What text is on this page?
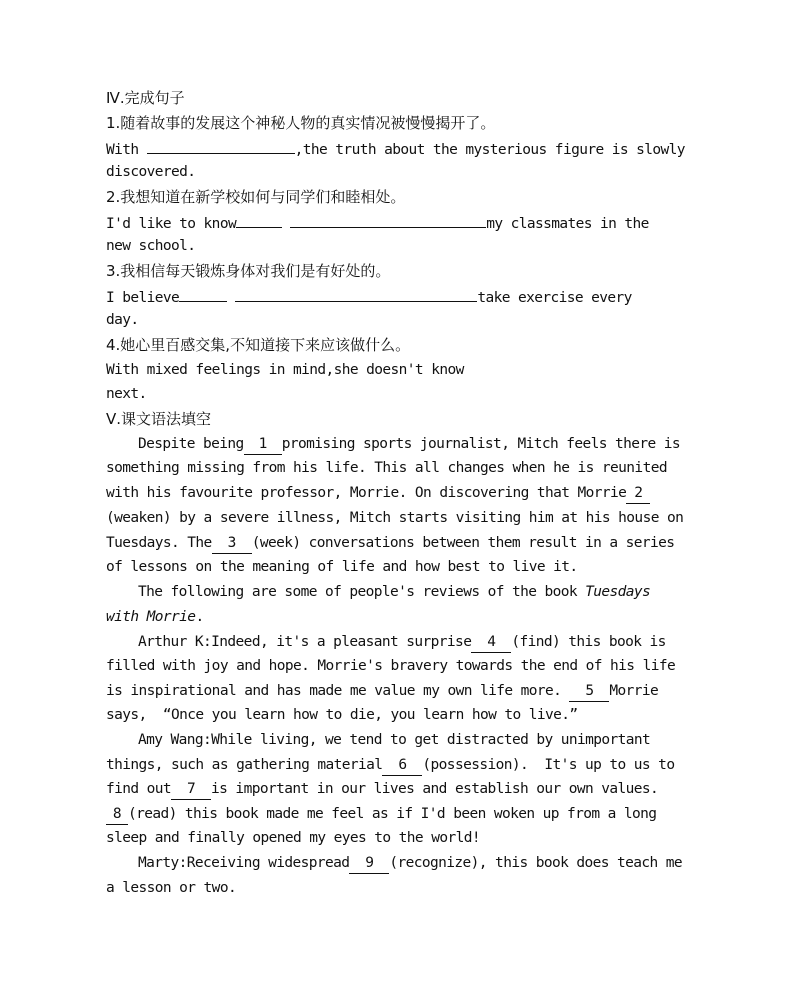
Ⅳ.完成句子
1.随着故事的发展这个神秘人物的真实情况被慢慢揭开了。
With	,the truth about the mysterious figure is slowly
discovered.
2.我想知道在新学校如何与同学们和睦相处。
I'd like to know	my classmates in the
new school.
3.我相信每天锻炼身体对我们是有好处的。
I believe	take exercise every
day.
4.她心里百感交集,不知道接下来应该做什么。
With mixed feelings in mind,she doesn't know
next.
Ⅴ.课文语法填空
Despite being 1 promising sports journalist, Mitch feels there is
something missing from his life. This all changes when he is reunited
with his favourite professor, Morrie. On discovering that Morrie 2
(weaken) by a severe illness, Mitch starts visiting him at his house on
Tuesdays. The 3 (week) conversations between them result in a series
of lessons on the meaning of life and how best to live it.
The following are some of people's reviews of the book Tuesdays
with Morrie.
Arthur K:Indeed, it's a pleasant surprise 4 (find) this book is
filled with joy and hope. Morrie's bravery towards the end of his life
is inspirational and has made me value my own life more. 5 Morrie
says,  “Once you learn how to die, you learn how to live.”
Amy Wang:While living, we tend to get distracted by unimportant
things, such as gathering material 6 (possession).  It's up to us to
find out 7 is important in our lives and establish our own values.
8 (read) this book made me feel as if I'd been woken up from a long
sleep and finally opened my eyes to the world!
Marty:Receiving widespread 9 (recognize), this book does teach me
a lesson or two.
